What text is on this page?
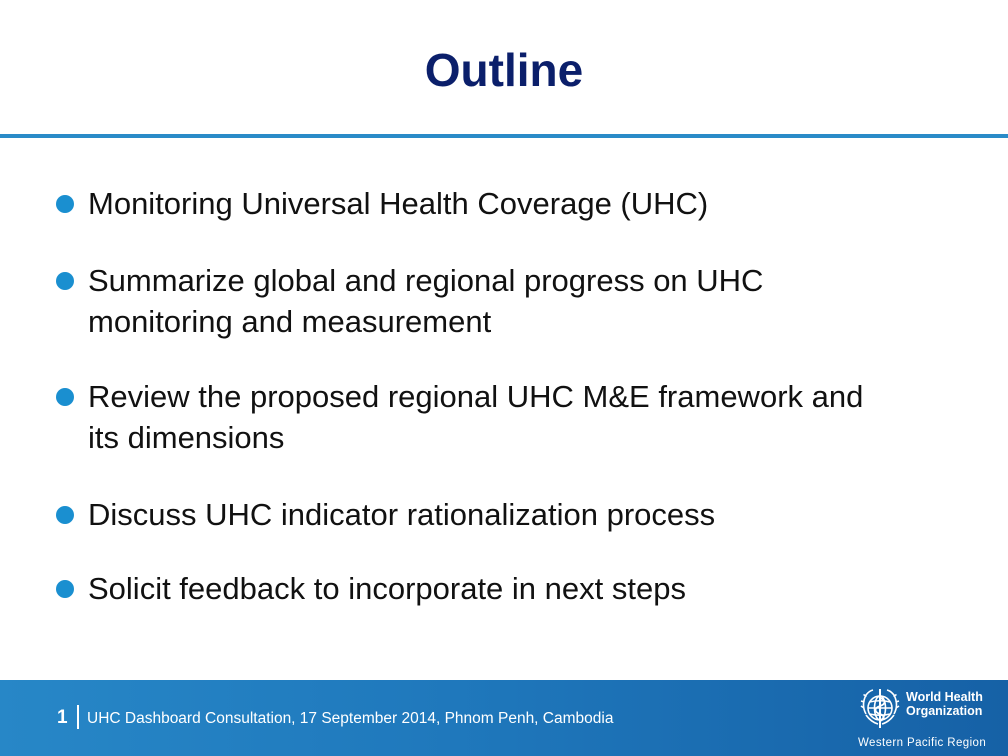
Outline
Monitoring Universal Health Coverage (UHC)
Summarize global and regional progress on UHC
monitoring and measurement
Review the proposed regional UHC M&E framework and
its dimensions
Discuss UHC indicator rationalization process
Solicit feedback to incorporate in next steps
1 UHC Dashboard Consultation, 17 September 2014, Phnom Penh, Cambodia
World Health
Organization
Western Pacific Region
